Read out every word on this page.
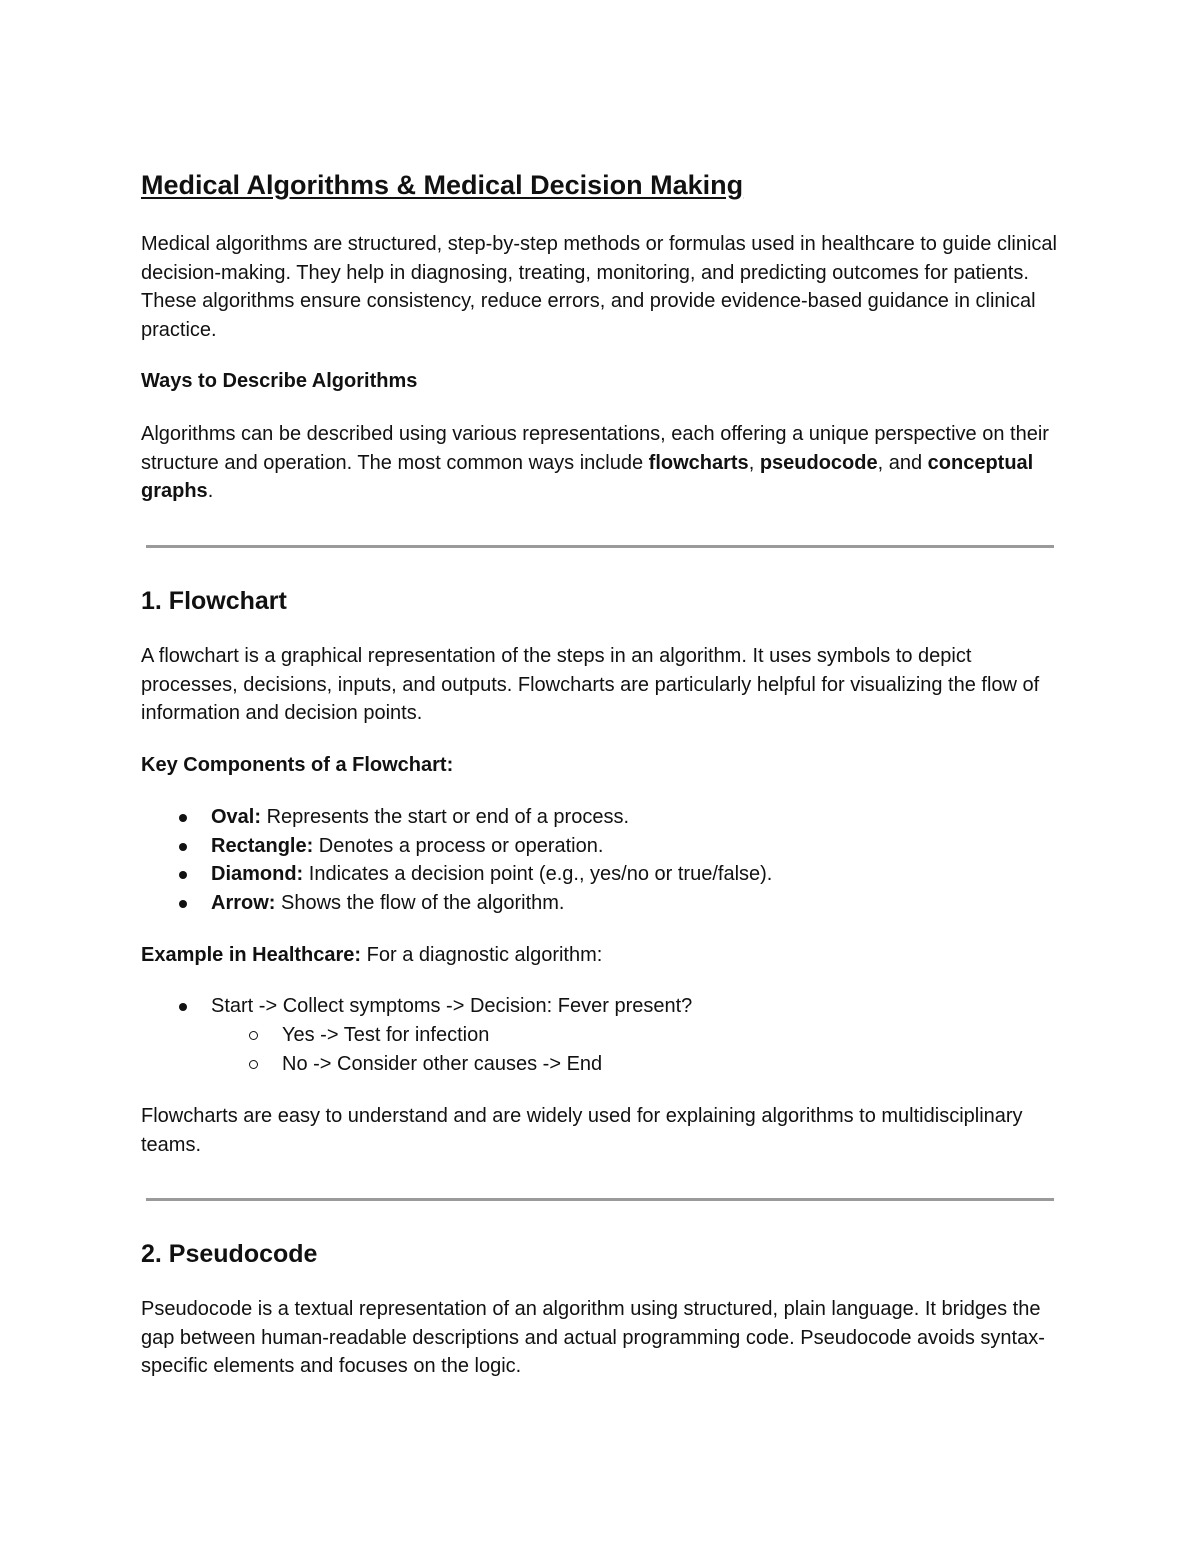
Medical Algorithms & Medical Decision Making

Medical algorithms are structured, step-by-step methods or formulas used in healthcare to guide clinical decision-making. They help in diagnosing, treating, monitoring, and predicting outcomes for patients. These algorithms ensure consistency, reduce errors, and provide evidence-based guidance in clinical practice.

Ways to Describe Algorithms

Algorithms can be described using various representations, each offering a unique perspective on their structure and operation. The most common ways include flowcharts, pseudocode, and conceptual graphs.

1. Flowchart

A flowchart is a graphical representation of the steps in an algorithm. It uses symbols to depict processes, decisions, inputs, and outputs. Flowcharts are particularly helpful for visualizing the flow of information and decision points.

Key Components of a Flowchart:
Oval: Represents the start or end of a process.
Rectangle: Denotes a process or operation.
Diamond: Indicates a decision point (e.g., yes/no or true/false).
Arrow: Shows the flow of the algorithm.

Example in Healthcare: For a diagnostic algorithm:

Start -> Collect symptoms -> Decision: Fever present?
Yes -> Test for infection
No -> Consider other causes -> End

Flowcharts are easy to understand and are widely used for explaining algorithms to multidisciplinary teams.

2. Pseudocode

Pseudocode is a textual representation of an algorithm using structured, plain language. It bridges the gap between human-readable descriptions and actual programming code. Pseudocode avoids syntax-specific elements and focuses on the logic.
